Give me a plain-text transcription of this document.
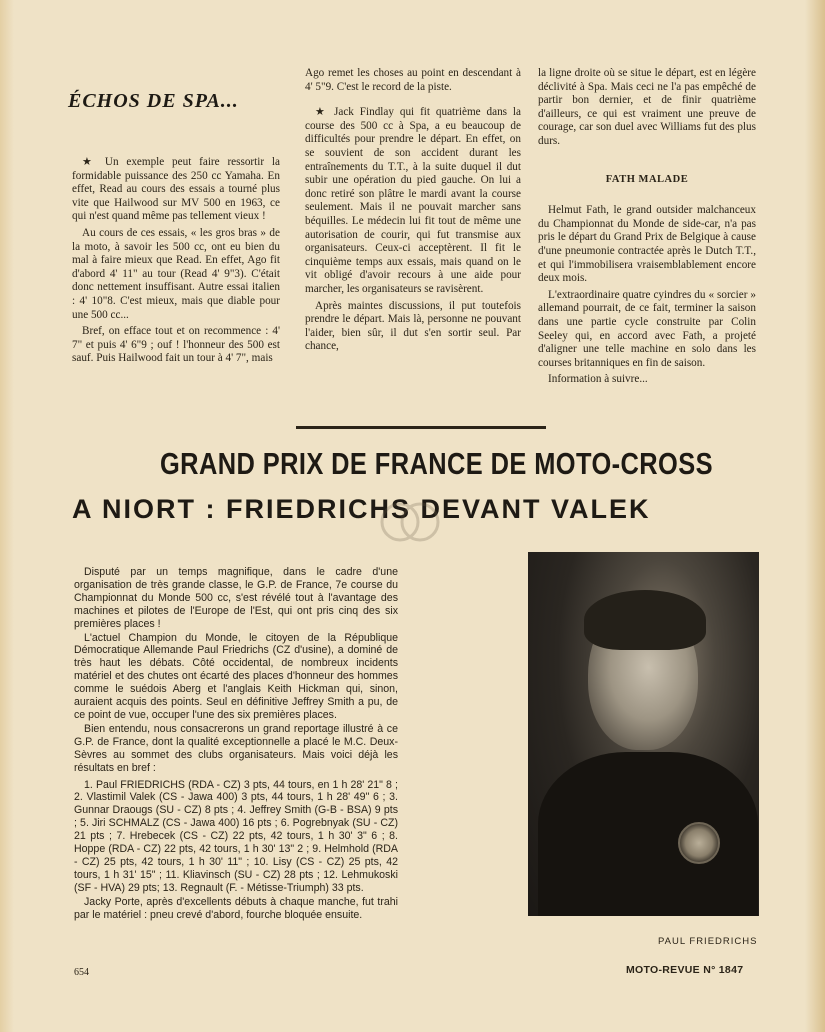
ÉCHOS DE SPA...

★ Un exemple peut faire ressortir la formidable puissance des 250 cc Yamaha. En effet, Read au cours des essais a tourné plus vite que Hailwood sur MV 500 en 1963, ce qui n'est quand même pas tellement vieux !

Au cours de ces essais, « les gros bras » de la moto, à savoir les 500 cc, ont eu bien du mal à faire mieux que Read. En effet, Ago fit d'abord 4' 11" au tour (Read 4' 9"3). C'était donc nettement insuffisant. Autre essai italien : 4' 10"8. C'est mieux, mais que diable pour une 500 cc...

Bref, on efface tout et on recommence : 4' 7" et puis 4' 6"9 ; ouf ! l'honneur des 500 est sauf. Puis Hailwood fait un tour à 4' 7", mais

Ago remet les choses au point en descendant à 4' 5"9. C'est le record de la piste.

★ Jack Findlay qui fit quatrième dans la course des 500 cc à Spa, a eu beaucoup de difficultés pour prendre le départ. En effet, on se souvient de son accident durant les entraînements du T.T., à la suite duquel il dut subir une opération du pied gauche. On lui a donc retiré son plâtre le mardi avant la course seulement. Mais il ne pouvait marcher sans béquilles. Le médecin lui fit tout de même une autorisation de courir, qui fut transmise aux organisateurs. Ceux-ci acceptèrent. Il fit le cinquième temps aux essais, mais quand on le vit obligé d'avoir recours à une aide pour marcher, les organisateurs se ravisèrent.

Après maintes discussions, il put toutefois prendre le départ. Mais là, personne ne pouvant l'aider, bien sûr, il dut s'en sortir seul. Par chance,

la ligne droite où se situe le départ, est en légère déclivité à Spa. Mais ceci ne l'a pas empêché de partir bon dernier, et de finir quatrième d'ailleurs, ce qui est vraiment une preuve de courage, car son duel avec Williams fut des plus durs.

FATH MALADE

Helmut Fath, le grand outsider malchanceux du Championnat du Monde de side-car, n'a pas pris le départ du Grand Prix de Belgique à cause d'une pneumonie contractée après le Dutch T.T., et qui l'immobilisera vraisemblablement encore deux mois.

L'extraordinaire quatre cyindres du « sorcier » allemand pourrait, de ce fait, terminer la saison dans une partie cycle construite par Colin Seeley qui, en accord avec Fath, a projeté d'aligner une telle machine en solo dans les courses britanniques en fin de saison.

Information à suivre...

GRAND PRIX DE FRANCE DE MOTO-CROSS
A NIORT : FRIEDRICHS DEVANT VALEK

Disputé par un temps magnifique, dans le cadre d'une organisation de très grande classe, le G.P. de France, 7e course du Championnat du Monde 500 cc, s'est révélé tout à l'avantage des machines et pilotes de l'Europe de l'Est, qui ont pris cinq des six premières places !

L'actuel Champion du Monde, le citoyen de la République Démocratique Allemande Paul Friedrichs (CZ d'usine), a dominé de très haut les débats. Côté occidental, de nombreux incidents matériel et des chutes ont écarté des places d'honneur des hommes comme le suédois Aberg et l'anglais Keith Hickman qui, sinon, auraient acquis des points. Seul en définitive Jeffrey Smith a pu, de ce point de vue, occuper l'une des six premières places.

Bien entendu, nous consacrerons un grand reportage illustré à ce G.P. de France, dont la qualité exceptionnelle a placé le M.C. Deux-Sèvres au sommet des clubs organisateurs. Mais voici déjà les résultats en bref :

1. Paul FRIEDRICHS (RDA - CZ) 3 pts, 44 tours, en 1 h 28' 21" 8 ; 2. Vlastimil Valek (CS - Jawa 400) 3 pts, 44 tours, 1 h 28' 49" 6 ; 3. Gunnar Draougs (SU - CZ) 8 pts ; 4. Jeffrey Smith (G-B - BSA) 9 pts ; 5. Jiri SCHMALZ (CS - Jawa 400) 16 pts ; 6. Pogrebnyak (SU - CZ) 21 pts ; 7. Hrebecek (CS - CZ) 22 pts, 42 tours, 1 h 30' 3" 6 ; 8. Hoppe (RDA - CZ) 22 pts, 42 tours, 1 h 30' 13" 2 ; 9. Helmhold (RDA - CZ) 25 pts, 42 tours, 1 h 30' 11" ; 10. Lisy (CS - CZ) 25 pts, 42 tours, 1 h 31' 15" ; 11. Kliavinsch (SU - CZ) 28 pts ; 12. Lehmukoski (SF - HVA) 29 pts; 13. Regnault (F. - Métisse-Triumph) 33 pts.

Jacky Porte, après d'excellents débuts à chaque manche, fut trahi par le matériel : pneu crevé d'abord, fourche bloquée ensuite.

PAUL FRIEDRICHS
654	MOTO-REVUE N° 1847
